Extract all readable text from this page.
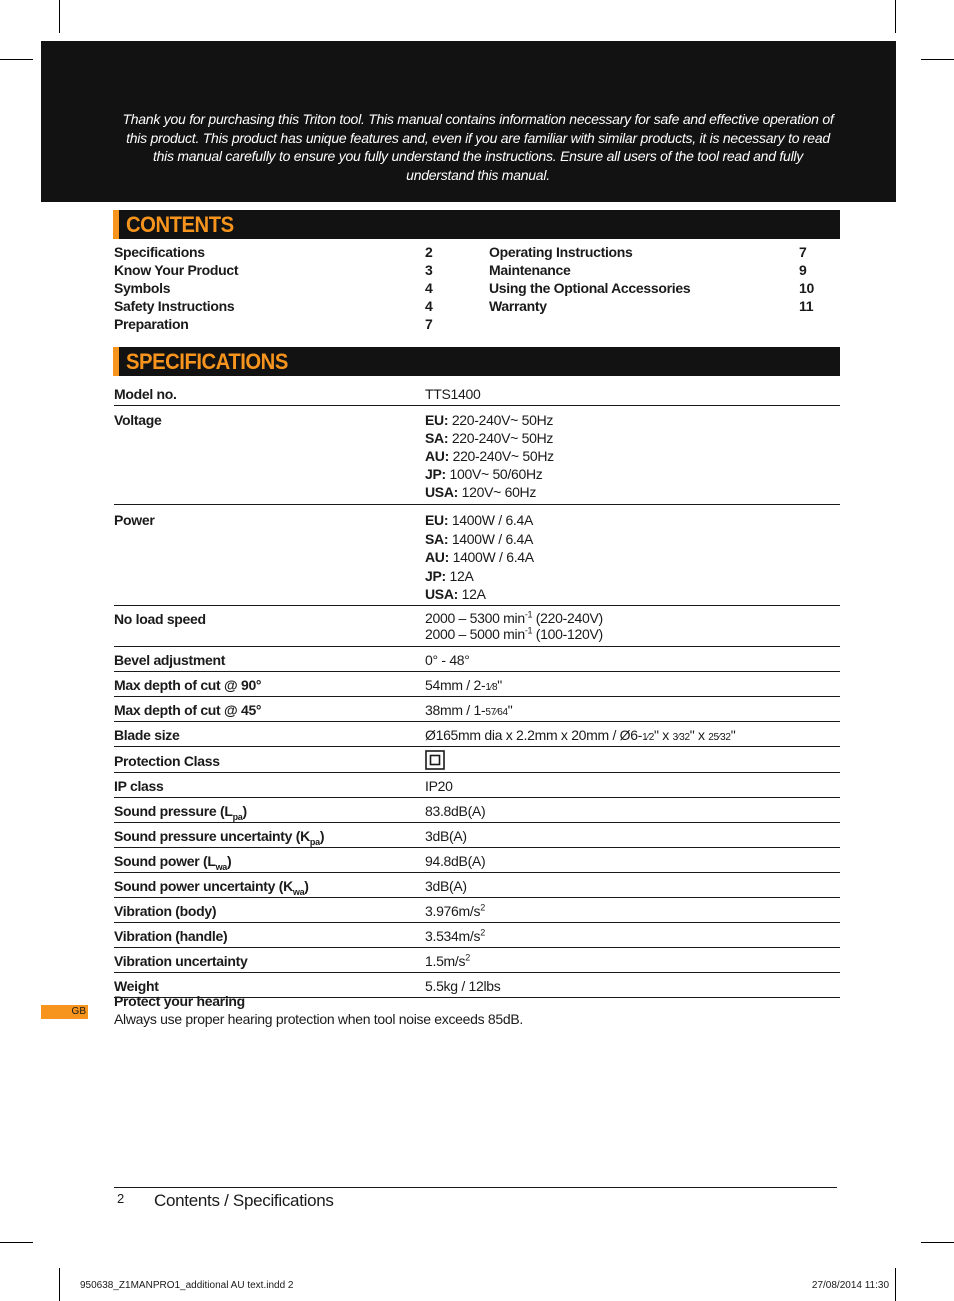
Thank you for purchasing this Triton tool. This manual contains information necessary for safe and effective operation of this product. This product has unique features and, even if you are familiar with similar products, it is necessary to read this manual carefully to ensure you fully understand the instructions. Ensure all users of the tool read and fully understand this manual.
CONTENTS
Specifications	2
Know Your Product	3
Symbols	4
Safety Instructions	4
Preparation	7
Operating Instructions	7
Maintenance	9
Using the Optional Accessories	10
Warranty	11
SPECIFICATIONS
Model no.	TTS1400
Voltage	EU: 220-240V~ 50Hz
SA: 220-240V~ 50Hz
AU: 220-240V~ 50Hz
JP: 100V~ 50/60Hz
USA: 120V~ 60Hz
Power	EU: 1400W / 6.4A
SA: 1400W / 6.4A
AU: 1400W / 6.4A
JP: 12A
USA: 12A
No load speed	2000 – 5300 $\min^{-1} (220-240V)$
2000 – 5000 $\min^{-1} (100-120V)$
Bevel adjustment	0° - 48°
Max depth of cut @ 90°	54mm / 2-1⁄8"
Max depth of cut @ 45°	38mm / 1-57⁄64"
Blade size	Ø165mm dia x 2.2mm x 20mm / Ø6-1⁄2" x 3⁄32" x 25⁄32"
Protection Class
IP class	IP20
Sound pressure $(L_{pa})$	83.8dB(A)
Sound pressure uncertainty $(K_{pa})$	3dB(A)
Sound power $(L_{wa})$	94.8dB(A)
Sound power uncertainty $(K_{wa})$	3dB(A)
Vibration (body)	$3.976m/s^2$
Vibration (handle)	$3.534m/s^2$
Vibration uncertainty	$1.5m/s^2$
Weight	5.5kg / 12lbs
GB
Protect your hearing
Always use proper hearing protection when tool noise exceeds 85dB.
2 Contents / Specifications
950638_Z1MANPRO1_additional AU text.indd 2	27/08/2014 11:30
